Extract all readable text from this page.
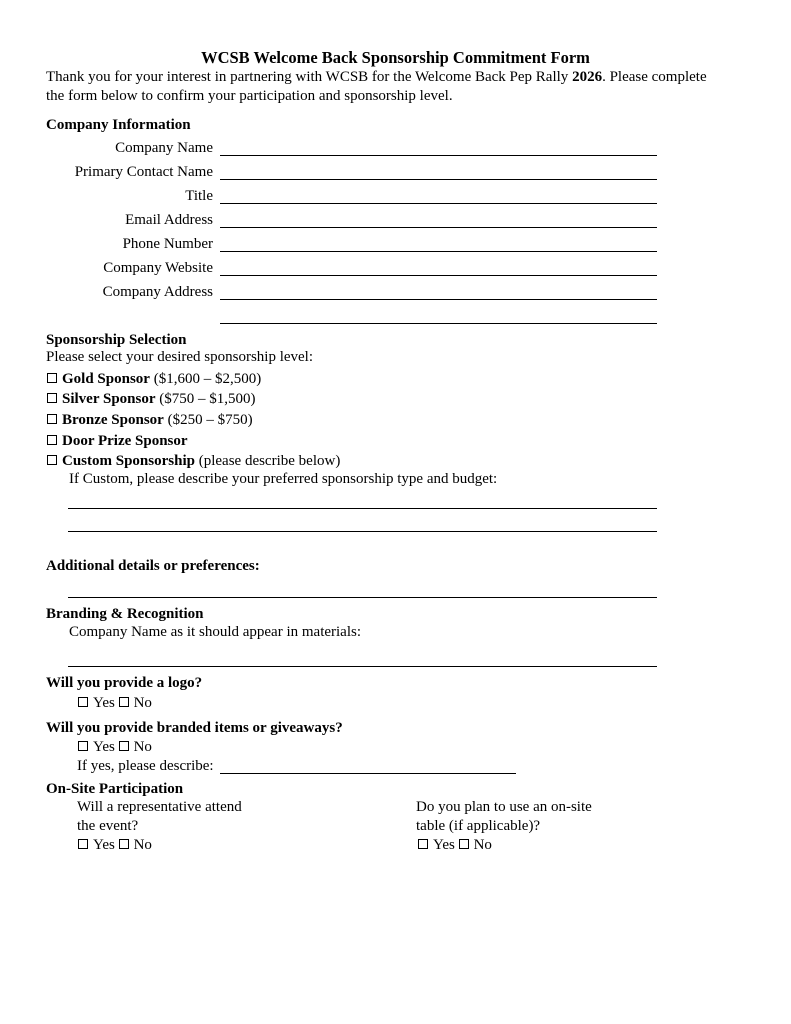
WCSB Welcome Back Sponsorship Commitment Form
Thank you for your interest in partnering with WCSB for the Welcome Back Pep Rally 2026. Please complete
the form below to confirm your participation and sponsorship level.
Company Information
Company Name
Primary Contact Name
Title
Email Address
Phone Number
Company Website
Company Address
Sponsorship Selection
Please select your desired sponsorship level:
Gold Sponsor ($1,600 – $2,500)
Silver Sponsor ($750 – $1,500)
Bronze Sponsor ($250 – $750)
Door Prize Sponsor
Custom Sponsorship (please describe below)
If Custom, please describe your preferred sponsorship type and budget:
Additional details or preferences:
Branding & Recognition
Company Name as it should appear in materials:
Will you provide a logo?
Yes No
Will you provide branded items or giveaways?
Yes No
If yes, please describe:
On-Site Participation
Will a representative attend
the event?
Yes No
Do you plan to use an on-site
table (if applicable)?
Yes No
